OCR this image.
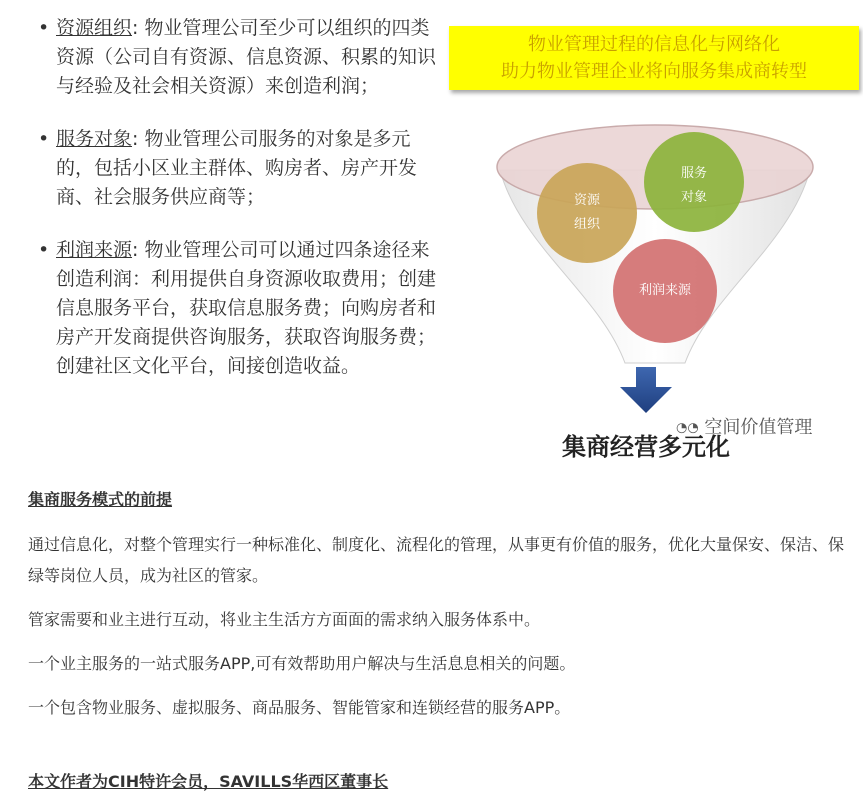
• 资源组织: 物业管理公司至少可以组织的四类资源（公司自有资源、信息资源、积累的知识与经验及社会相关资源）来创造利润；
• 服务对象: 物业管理公司服务的对象是多元的，包括小区业主群体、购房者、房产开发商、社会服务供应商等；
• 利润来源: 物业管理公司可以通过四条途径来创造利润：利用提供自身资源收取费用；创建信息服务平台，获取信息服务费；向购房者和房产开发商提供咨询服务，获取咨询服务费；创建社区文化平台，间接创造收益。
物业管理过程的信息化与网络化
助力物业管理企业将向服务集成商转型
资源
组织
服务
对象
利润来源
◔◔ 空间价值管理
集商经营多元化
集商服务模式的前提

通过信息化，对整个管理实行一种标准化、制度化、流程化的管理，从事更有价值的服务，优化大量保安、保洁、保绿等岗位人员，成为社区的管家。

管家需要和业主进行互动，将业主生活方方面面的需求纳入服务体系中。

一个业主服务的一站式服务APP,可有效帮助用户解决与生活息息相关的问题。

一个包含物业服务、虚拟服务、商品服务、智能管家和连锁经营的服务APP。

本文作者为CIH特许会员，SAVILLS华西区董事长
